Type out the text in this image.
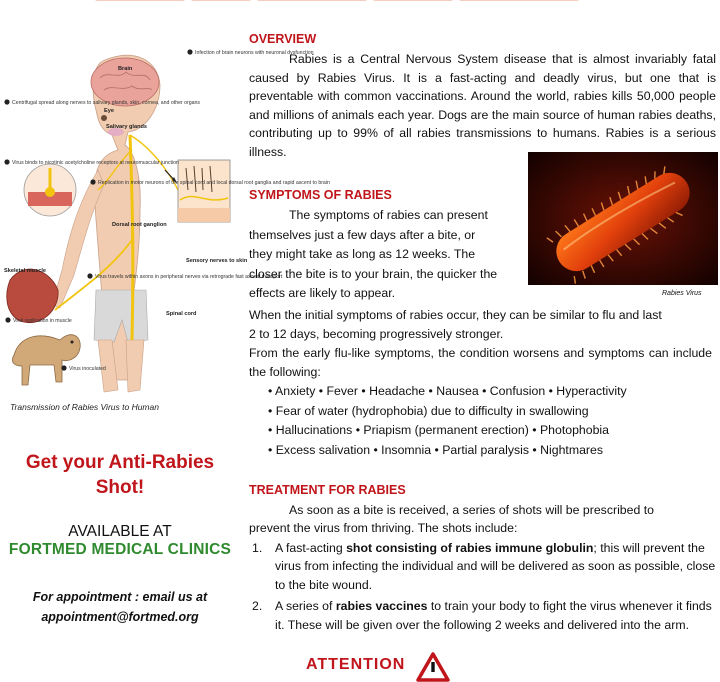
Brain
Eye
Salivary glands
Dorsal root ganglion
Skeletal muscle
Spinal cord
Sensory nerves to skin
Centrifugal spread along nerves to salivary glands, skin, cornea, and other organs
Virus binds to nicotinic acetylcholine receptors at neuromuscular junction
Replication in motor neurons of the spinal cord and local dorsal root ganglia and rapid ascent to brain
Virus travels within axons in peripheral nerves via retrograde fast axonal transport
Viral replication in muscle
Virus inoculated
Infection of brain neurons with neuronal dysfunction
Transmission of Rabies Virus to Human
Get your Anti-Rabies
Shot!
AVAILABLE AT
FORTMED MEDICAL CLINICS
For appointment : email us at
appointment@fortmed.org
OVERVIEW

Rabies is a Central Nervous System disease that is almost invariably fatal caused by Rabies Virus. It is a fast-acting and deadly virus, but one that is preventable with common vaccinations. Around the world, rabies kills 50,000 people and millions of animals each year. Dogs are the main source of human rabies deaths, contributing up to 99% of all rabies transmissions to humans. Rabies is a serious illness.

SYMPTOMS OF RABIES
The symptoms of rabies can present
themselves just a few days after a bite, or
they might take as long as 12 weeks. The
closer the bite is to your brain, the quicker the
effects are likely to appear.	Rabies Virus
When the initial symptoms of rabies occur, they can be similar to flu and last
2 to 12 days, becoming progressively stronger.

From the early flu-like symptoms, the condition worsens and symptoms can include the following:

• Anxiety • Fever • Headache • Nausea • Confusion • Hyperactivity
• Fear of water (hydrophobia) due to difficulty in swallowing
• Hallucinations • Priapism (permanent erection) • Photophobia
• Excess salivation • Insomnia • Partial paralysis • Nightmares
TREATMENT FOR RABIES
As soon as a bite is received, a series of shots will be prescribed to
prevent the virus from thriving. The shots include:
1. A fast-acting shot consisting of rabies immune globulin; this will prevent the virus from infecting the individual and will be delivered as soon as possible, close to the bite wound.
2. A series of rabies vaccines to train your body to fight the virus whenever it finds it. These will be given over the following 2 weeks and delivered into the arm.
ATTENTION
